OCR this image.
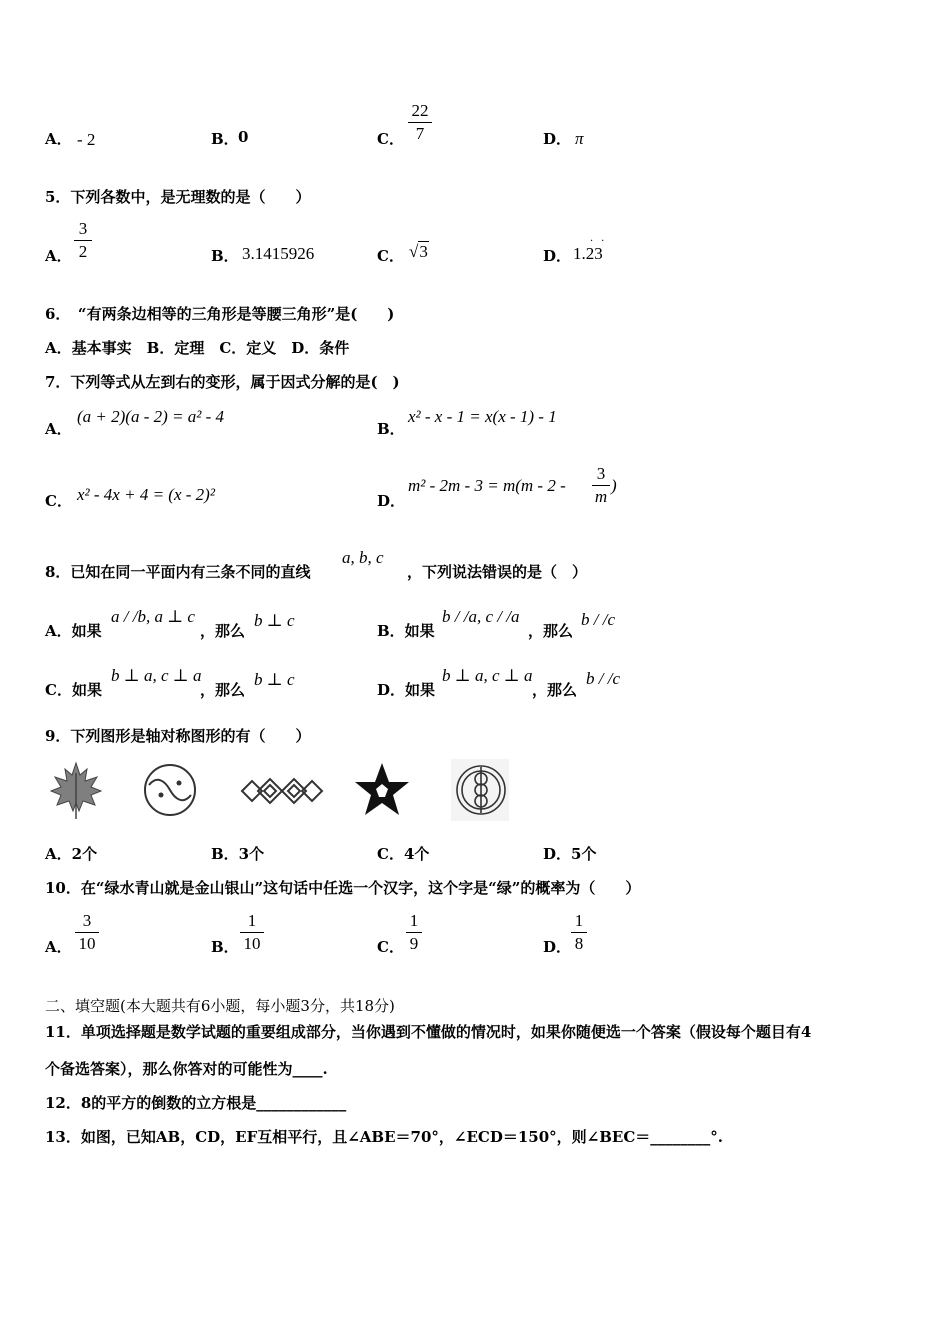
A． - 2	B． 0	C．
22
7	D． π
5．下列各数中，是无理数的是（　　）
A．
3
2	B． 3.1415926	C． √3	D． 1.23
··
6．　“有两条边相等的三角形是等腰三角形”是(　　)
A．基本事实　B．定理　C．定义　D．条件
7．下列等式从左到右的变形，属于因式分解的是(　)
A．
(a + 2)(a - 2) = a² - 4
B．
x² - x - 1 = x(x - 1) - 1
C． x² - 4x + 4 = (x - 2)²	D．
m² - 2m - 3 = m(m - 2 -
3
m
)
8．已知在同一平面内有三条不同的直线
a, b, c
，下列说法错误的是（　）
A．如果
a / /b, a ⊥ c
，那么
b ⊥ c
B．如果
b / /a, c / /a
，那么
b / /c
C．如果
b ⊥ a, c ⊥ a
，那么
b ⊥ c
D．如果
b ⊥ a, c ⊥ a
，那么
b / /c
9．下列图形是轴对称图形的有（　　）
A．2个	B．3个	C．4个	D．5个
10．在“绿水青山就是金山银山”这句话中任选一个汉字，这个字是“绿”的概率为（　　）
A．
3
10	B．
1
10	C．
1
9	D．
1
8
二、填空题(本大题共有6小题，每小题3分，共18分)
11．单项选择题是数学试题的重要组成部分，当你遇到不懂做的情况时，如果你随便选一个答案（假设每个题目有4
个备选答案），那么你答对的可能性为____.
12．8的平方的倒数的立方根是____________
13．如图，已知AB，CD，EF互相平行，且∠ABE＝70°，∠ECD＝150°，则∠BEC＝________°.
